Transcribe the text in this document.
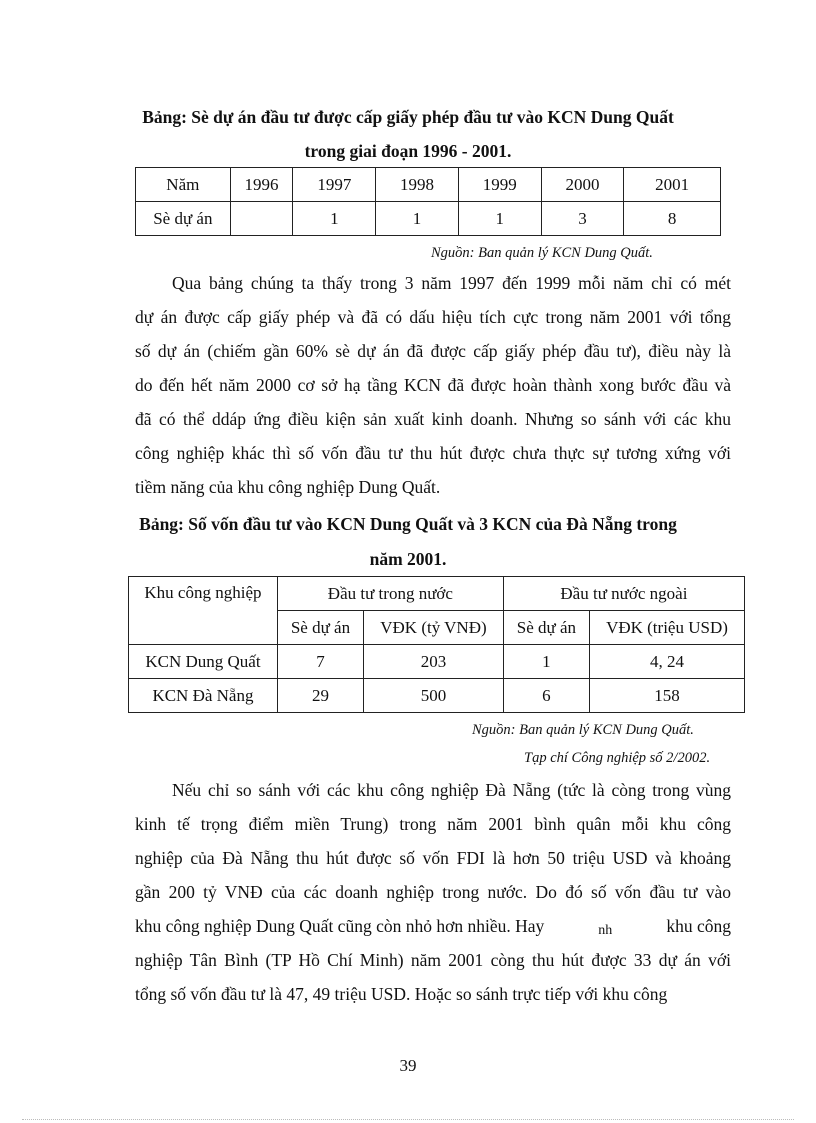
Bảng: Sè dự án đầu tư được cấp giấy phép đầu tư vào KCN Dung Quất
trong giai đoạn 1996 - 2001.
Năm	1996	1997	1998	1999	2000	2001
Sè dự án		1	1	1	3	8
Nguồn: Ban quản lý KCN Dung Quất.
Qua bảng chúng ta thấy trong 3 năm 1997 đến 1999 mỗi năm chỉ có mét
dự án được cấp giấy phép và đã có dấu hiệu tích cực trong năm 2001 với tổng
số dự án (chiếm gần 60% sè dự án đã được cấp giấy phép đầu tư), điều này là
do đến hết năm 2000 cơ sở hạ tầng KCN đã được hoàn thành xong bước đầu và
đã có thể ddáp ứng điều kiện sản xuất kinh doanh. Nhưng so sánh với các khu
công nghiệp khác thì số vốn đầu tư thu hút được chưa thực sự tương xứng với
tiềm năng của khu công nghiệp Dung Quất.
Bảng: Số vốn đầu tư vào KCN Dung Quất và 3 KCN của Đà Nẵng trong
năm 2001.
Khu công nghiệp	Đầu tư trong nước		Đầu tư nước ngoài	
	Sè dự án	VĐK (tỷ VNĐ)	Sè dự án	VĐK (triệu USD)
KCN Dung Quất	7	203	1	4, 24
KCN Đà Nẵng	29	500	6	158
Nguồn: Ban quản lý KCN Dung Quất.
Tạp chí Công nghiệp số 2/2002.
Nếu chỉ so sánh với các khu công nghiệp Đà Nẵng (tức là còng trong vùng
kinh tế trọng điểm miền Trung) trong năm 2001 bình quân mỗi khu công
nghiệp của Đà Nẵng thu hút được số vốn FDI là hơn 50 triệu USD và khoảng
gần 200 tỷ VNĐ của các doanh nghiệp trong nước. Do đó số vốn đầu tư vào
khu công nghiệp Dung Quất cũng còn nhỏ hơn nhiều. Hay	nh	khu công
nghiệp Tân Bình (TP Hồ Chí Minh) năm 2001 còng thu hút được 33 dự án với
tổng số vốn đầu tư là 47, 49 triệu USD. Hoặc so sánh trực tiếp với khu công
39
